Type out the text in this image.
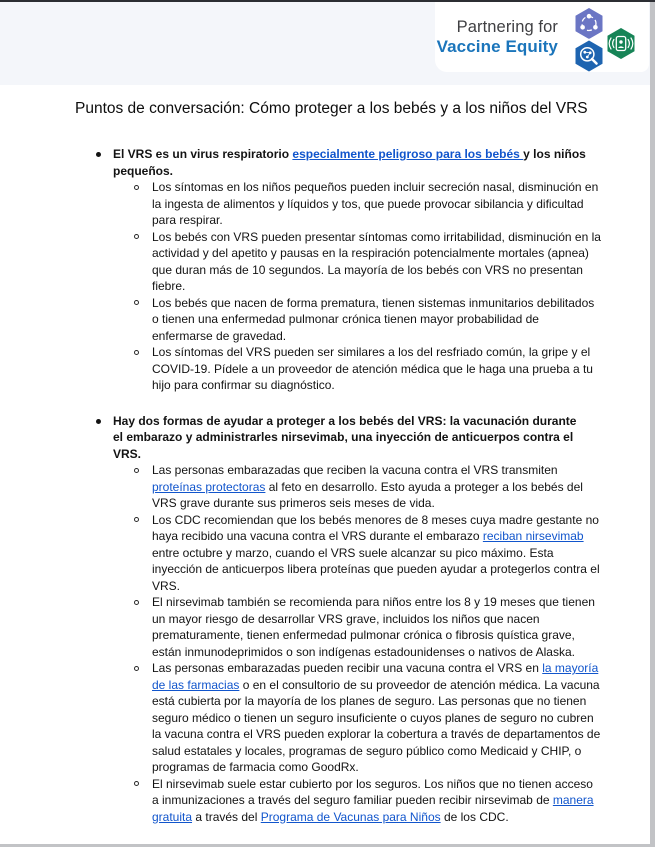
Partnering for
Vaccine Equity
Puntos de conversación: Cómo proteger a los bebés y a los niños del VRS
El VRS es un virus respiratorio especialmente peligroso para los bebés y los niños pequeños.
Los síntomas en los niños pequeños pueden incluir secreción nasal, disminución en la ingesta de alimentos y líquidos y tos, que puede provocar sibilancia y dificultad para respirar.
Los bebés con VRS pueden presentar síntomas como irritabilidad, disminución en la actividad y del apetito y pausas en la respiración potencialmente mortales (apnea) que duran más de 10 segundos. La mayoría de los bebés con VRS no presentan fiebre.
Los bebés que nacen de forma prematura, tienen sistemas inmunitarios debilitados o tienen una enfermedad pulmonar crónica tienen mayor probabilidad de enfermarse de gravedad.
Los síntomas del VRS pueden ser similares a los del resfriado común, la gripe y el COVID-19. Pídele a un proveedor de atención médica que le haga una prueba a tu hijo para confirmar su diagnóstico.
Hay dos formas de ayudar a proteger a los bebés del VRS: la vacunación durante el embarazo y administrarles nirsevimab, una inyección de anticuerpos contra el VRS.
Las personas embarazadas que reciben la vacuna contra el VRS transmiten proteínas protectoras al feto en desarrollo. Esto ayuda a proteger a los bebés del VRS grave durante sus primeros seis meses de vida.
Los CDC recomiendan que los bebés menores de 8 meses cuya madre gestante no haya recibido una vacuna contra el VRS durante el embarazo reciban nirsevimab entre octubre y marzo, cuando el VRS suele alcanzar su pico máximo. Esta inyección de anticuerpos libera proteínas que pueden ayudar a protegerlos contra el VRS.
El nirsevimab también se recomienda para niños entre los 8 y 19 meses que tienen un mayor riesgo de desarrollar VRS grave, incluidos los niños que nacen prematuramente, tienen enfermedad pulmonar crónica o fibrosis quística grave, están inmunodeprimidos o son indígenas estadounidenses o nativos de Alaska.
Las personas embarazadas pueden recibir una vacuna contra el VRS en la mayoría de las farmacias o en el consultorio de su proveedor de atención médica. La vacuna está cubierta por la mayoría de los planes de seguro. Las personas que no tienen seguro médico o tienen un seguro insuficiente o cuyos planes de seguro no cubren la vacuna contra el VRS pueden explorar la cobertura a través de departamentos de salud estatales y locales, programas de seguro público como Medicaid y CHIP, o programas de farmacia como GoodRx.
El nirsevimab suele estar cubierto por los seguros. Los niños que no tienen acceso a inmunizaciones a través del seguro familiar pueden recibir nirsevimab de manera gratuita a través del Programa de Vacunas para Niños de los CDC.
